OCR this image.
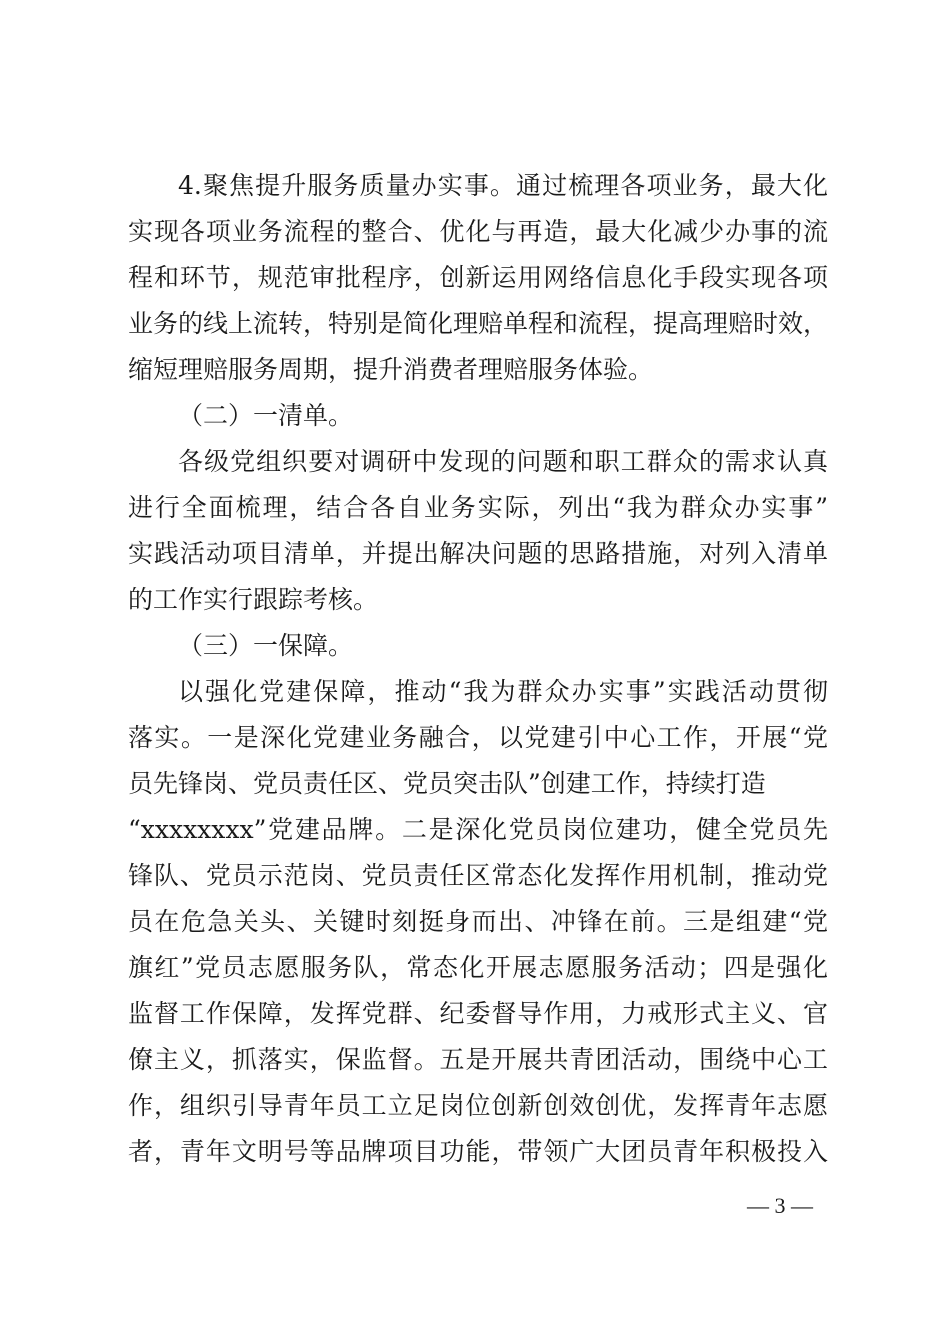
4.聚焦提升服务质量办实事。通过梳理各项业务，最大化
实现各项业务流程的整合、优化与再造，最大化减少办事的流
程和环节，规范审批程序，创新运用网络信息化手段实现各项
业务的线上流转，特别是简化理赔单程和流程，提高理赔时效，
缩短理赔服务周期，提升消费者理赔服务体验。
（二）一清单。
各级党组织要对调研中发现的问题和职工群众的需求认真
进行全面梳理，结合各自业务实际，列出“我为群众办实事”
实践活动项目清单，并提出解决问题的思路措施，对列入清单
的工作实行跟踪考核。
（三）一保障。
以强化党建保障，推动“我为群众办实事”实践活动贯彻
落实。一是深化党建业务融合，以党建引中心工作，开展“党
员先锋岗、党员责任区、党员突击队”创建工作，持续打造
“xxxxxxxx”党建品牌。二是深化党员岗位建功，健全党员先
锋队、党员示范岗、党员责任区常态化发挥作用机制，推动党
员在危急关头、关键时刻挺身而出、冲锋在前。三是组建“党
旗红”党员志愿服务队，常态化开展志愿服务活动；四是强化
监督工作保障，发挥党群、纪委督导作用，力戒形式主义、官
僚主义，抓落实，保监督。五是开展共青团活动，围绕中心工
作，组织引导青年员工立足岗位创新创效创优，发挥青年志愿
者，青年文明号等品牌项目功能，带领广大团员青年积极投入
— 3 —
